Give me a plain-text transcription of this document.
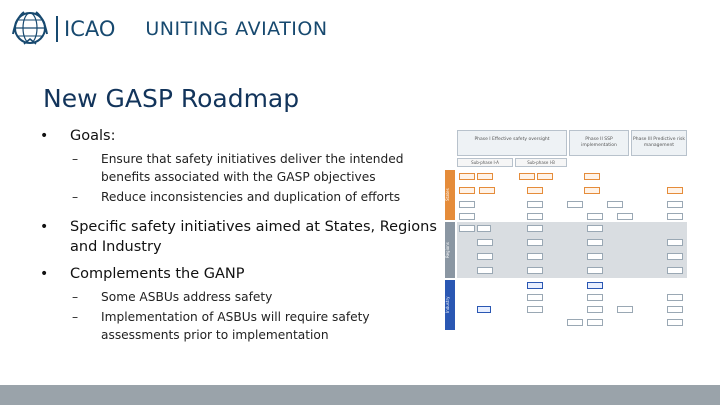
ICAO UNITING AVIATION
New GASP Roadmap
• Goals:
– Ensure that safety initiatives deliver the intended benefits associated with the GASP objectives
– Reduce inconsistencies and duplication of efforts
• Specific safety initiatives aimed at States, Regions and Industry
• Complements the GANP
– Some ASBUs address safety
– Implementation of ASBUs will require safety assessments prior to implementation
Phase I Effective safety oversight	Phase II SSP implementation
Phase III Predictive risk management
Sub-phase I-A	Sub-phase I-B
States
Regions
Industry
